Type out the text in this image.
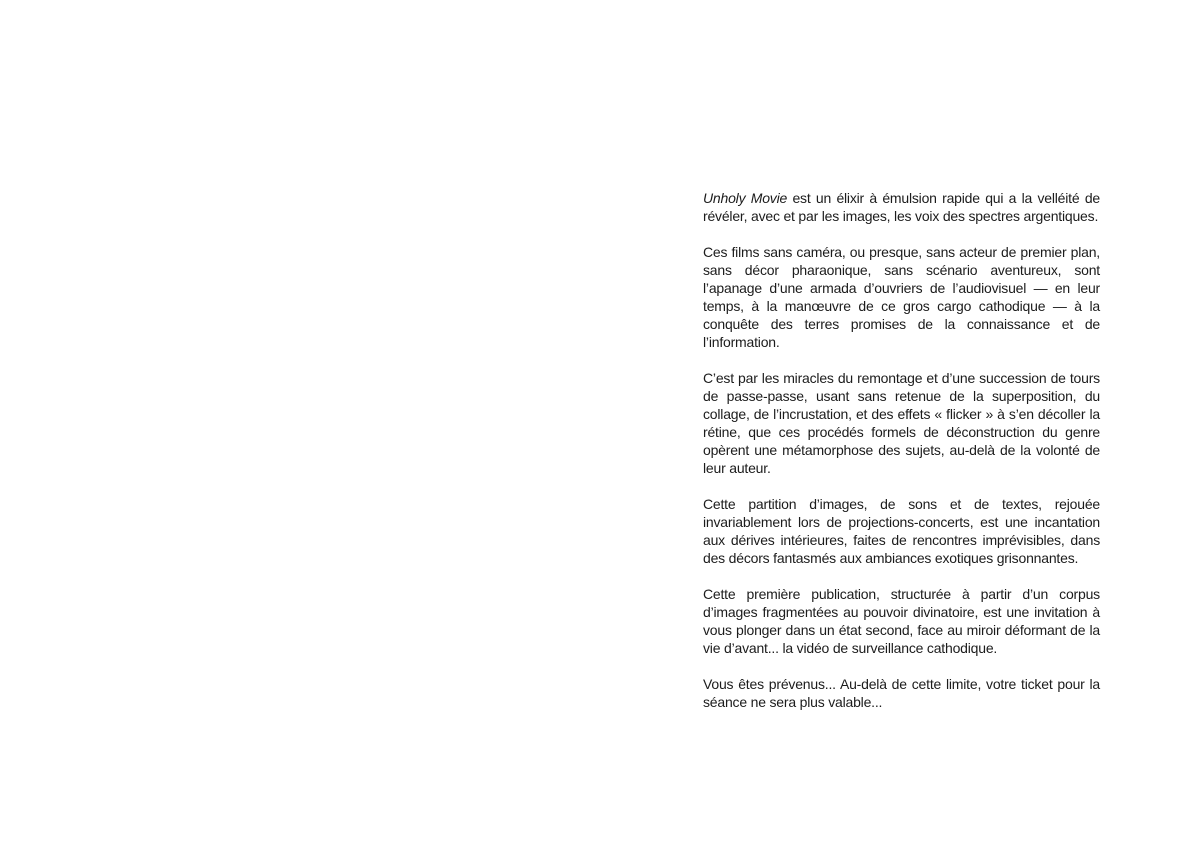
Unholy Movie est un élixir à émulsion rapide qui a la velléité de révéler, avec et par les images, les voix des spectres argentiques.

Ces films sans caméra, ou presque, sans acteur de premier plan, sans décor pharaonique, sans scénario aventureux, sont l’apanage d’une armada d’ouvriers de l’audiovisuel — en leur temps, à la manœuvre de ce gros cargo cathodique — à la conquête des terres promises de la connaissance et de l’information.

C’est par les miracles du remontage et d’une succession de tours de passe-passe, usant sans retenue de la superposition, du collage, de l’incrustation, et des effets « flicker » à s’en décoller la rétine, que ces procédés formels de déconstruction du genre opèrent une métamorphose des sujets, au-delà de la volonté de leur auteur.

Cette partition d’images, de sons et de textes, rejouée invariablement lors de projections-concerts, est une incantation aux dérives intérieures, faites de rencontres imprévisibles, dans des décors fantasmés aux ambiances exotiques grisonnantes.

Cette première publication, structurée à partir d’un corpus d’images fragmentées au pouvoir divinatoire, est une invitation à vous plonger dans un état second, face au miroir déformant de la vie d’avant... la vidéo de surveillance cathodique.

Vous êtes prévenus... Au-delà de cette limite, votre ticket pour la séance ne sera plus valable...
